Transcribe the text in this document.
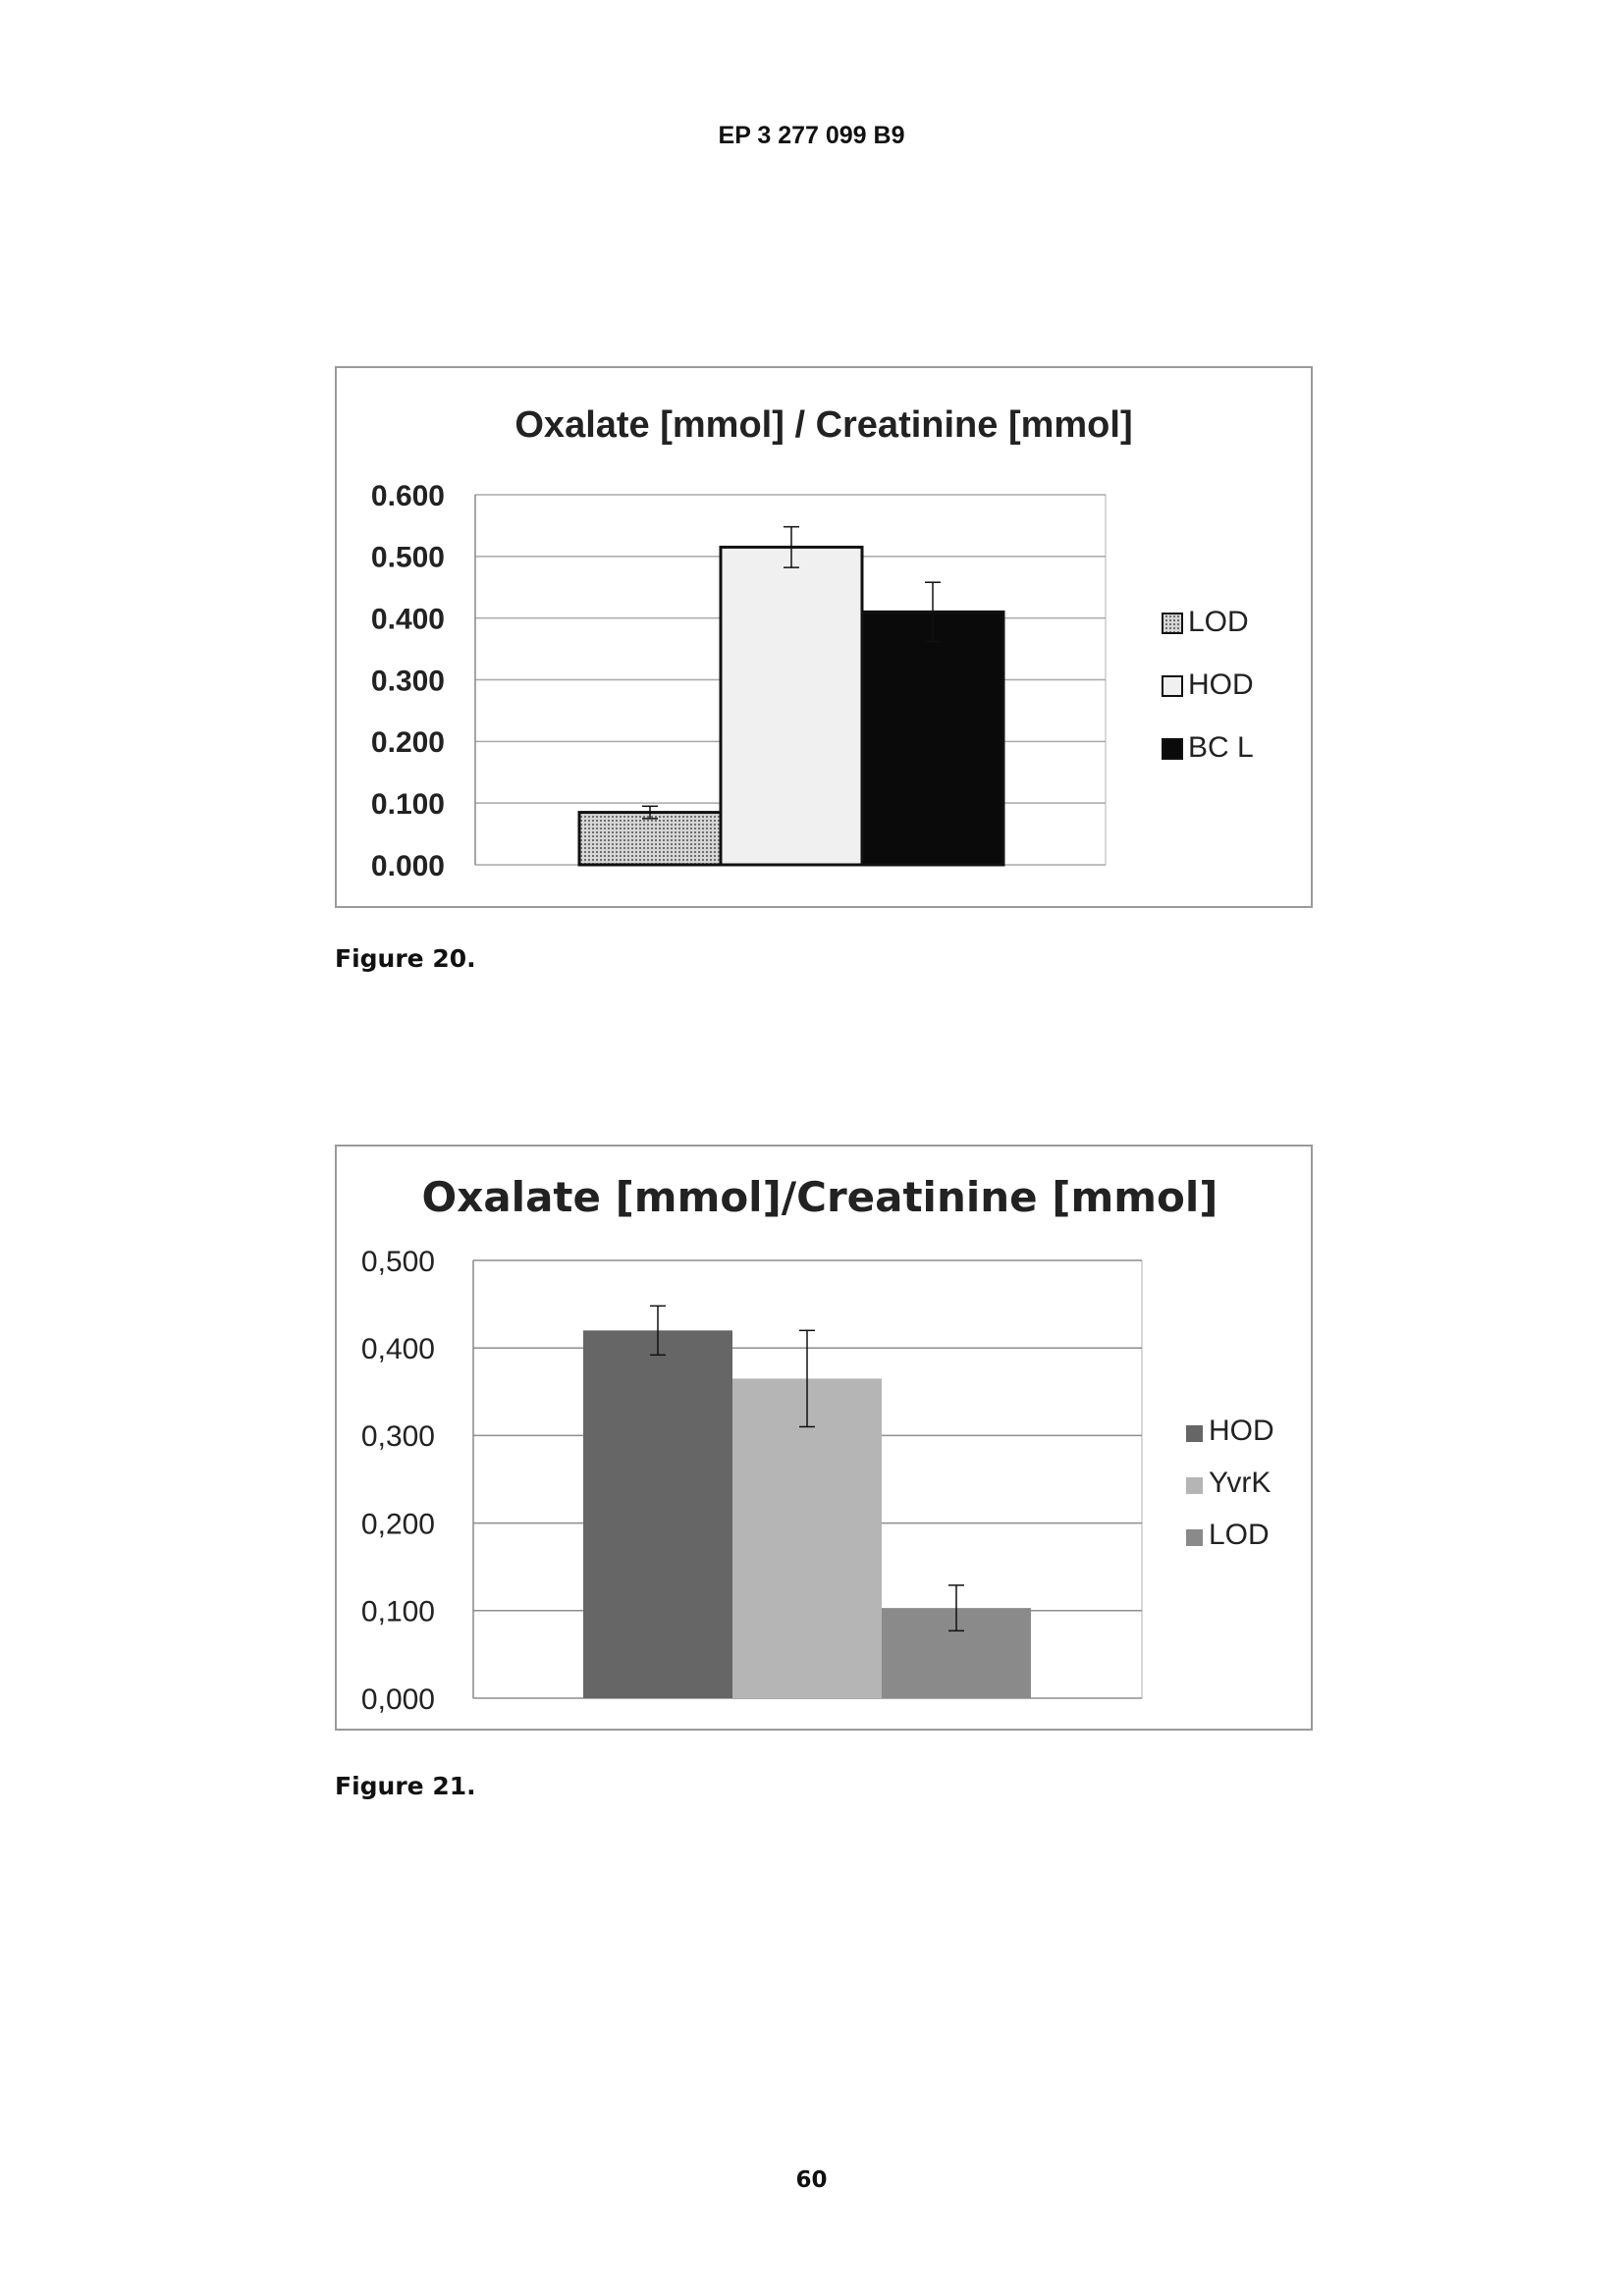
EP 3 277 099 B9
Oxalate [mmol] / Creatinine [mmol]
0.000
0.100
0.200
0.300
0.400
0.500
0.600
LOD
HOD
BC L
Figure 20.
Oxalate [mmol]/Creatinine [mmol]
0,000
0,100
0,200
0,300
0,400
0,500
HOD
YvrK
LOD
Figure 21.
60
